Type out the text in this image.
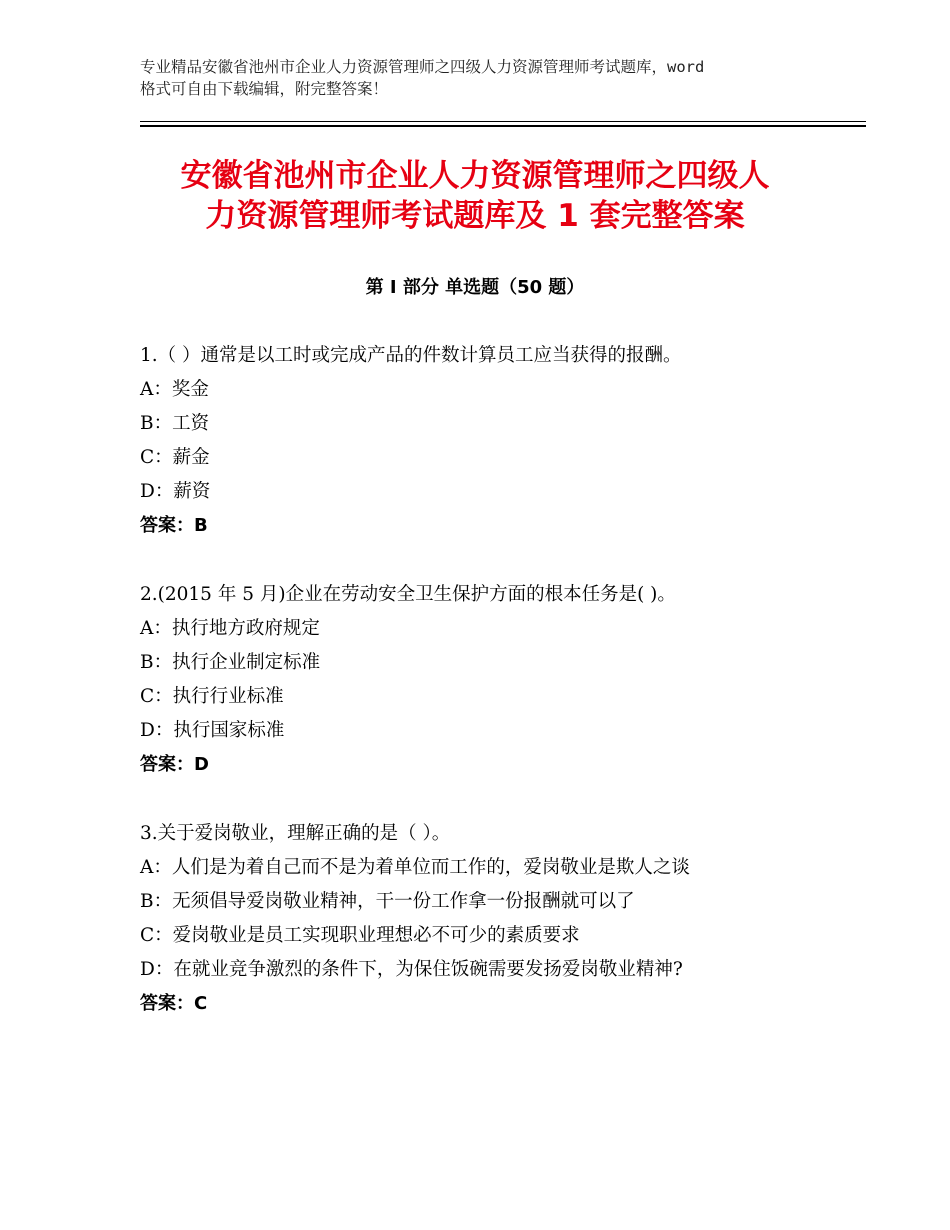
专业精品安徽省池州市企业人力资源管理师之四级人力资源管理师考试题库，word
格式可自由下载编辑，附完整答案！
安徽省池州市企业人力资源管理师之四级人
力资源管理师考试题库及 1 套完整答案
第 I 部分 单选题（50 题）
1.（ ）通常是以工时或完成产品的件数计算员工应当获得的报酬。
A：奖金
B：工资
C：薪金
D：薪资
答案：B
2.(2015 年 5 月)企业在劳动安全卫生保护方面的根本任务是( )。
A：执行地方政府规定
B：执行企业制定标准
C：执行行业标准
D：执行国家标准
答案：D
3.关于爱岗敬业，理解正确的是（ ）。
A：人们是为着自己而不是为着单位而工作的，爱岗敬业是欺人之谈
B：无须倡导爱岗敬业精神，干一份工作拿一份报酬就可以了
C：爱岗敬业是员工实现职业理想必不可少的素质要求
D：在就业竞争激烈的条件下，为保住饭碗需要发扬爱岗敬业精神?
答案：C
